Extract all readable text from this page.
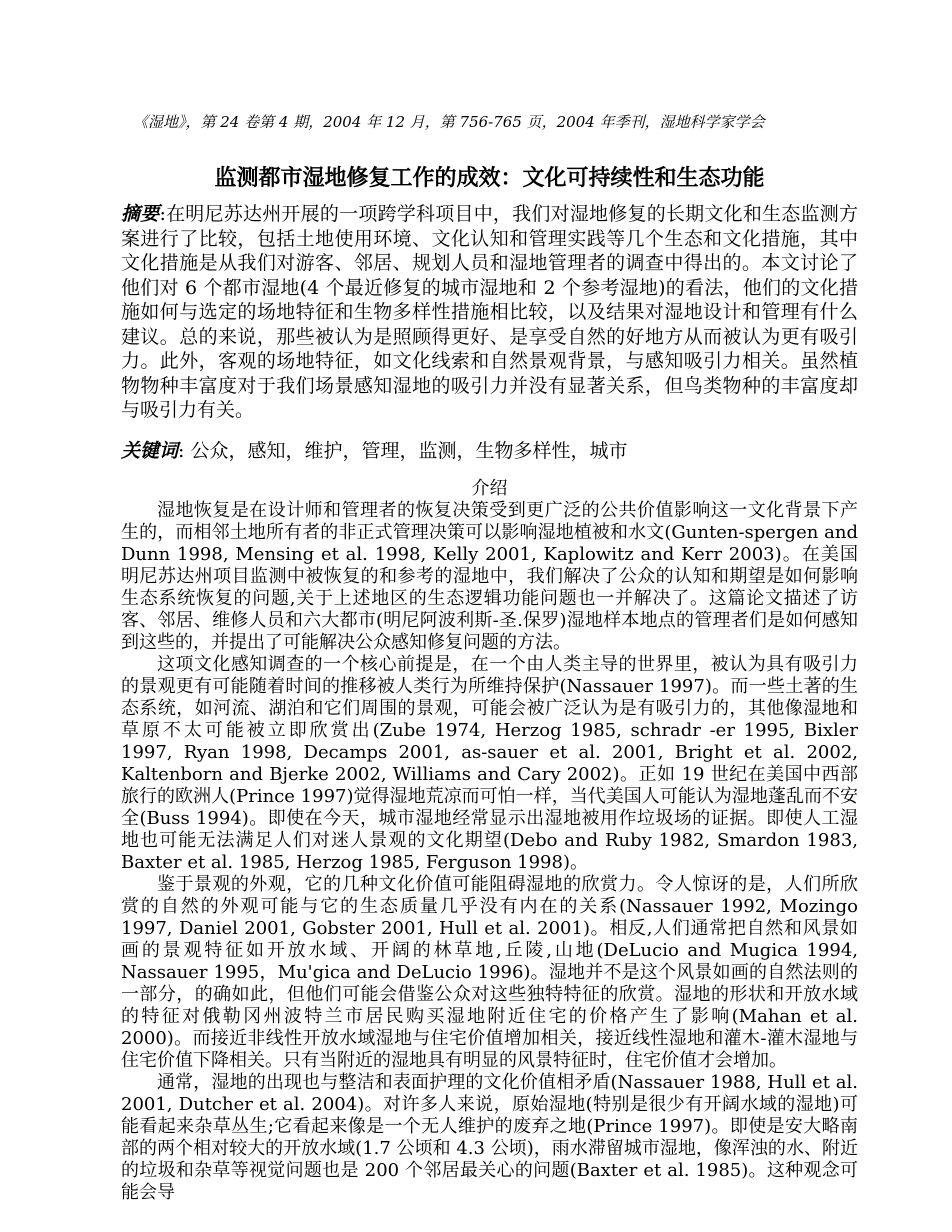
《湿地》，第 24 卷第 4 期，2004 年 12 月，第 756-765 页，2004 年季刊，湿地科学家学会
监测都市湿地修复工作的成效：文化可持续性和生态功能

摘要:在明尼苏达州开展的一项跨学科项目中，我们对湿地修复的长期文化和生态监测方案进行了比较，包括土地使用环境、文化认知和管理实践等几个生态和文化措施，其中文化措施是从我们对游客、邻居、规划人员和湿地管理者的调查中得出的。本文讨论了他们对 6 个都市湿地(4 个最近修复的城市湿地和 2 个参考湿地)的看法，他们的文化措施如何与选定的场地特征和生物多样性措施相比较，以及结果对湿地设计和管理有什么建议。总的来说，那些被认为是照顾得更好、是享受自然的好地方从而被认为更有吸引力。此外，客观的场地特征，如文化线索和自然景观背景，与感知吸引力相关。虽然植物物种丰富度对于我们场景感知湿地的吸引力并没有显著关系，但鸟类物种的丰富度却与吸引力有关。

关键词: 公众，感知，维护，管理，监测，生物多样性，城市

介绍

湿地恢复是在设计师和管理者的恢复决策受到更广泛的公共价值影响这一文化背景下产生的，而相邻土地所有者的非正式管理决策可以影响湿地植被和水文(Gunten-spergen and Dunn 1998, Mensing et al. 1998, Kelly 2001, Kaplowitz and Kerr 2003)。在美国明尼苏达州项目监测中被恢复的和参考的湿地中，我们解决了公众的认知和期望是如何影响生态系统恢复的问题,关于上述地区的生态逻辑功能问题也一并解决了。这篇论文描述了访客、邻居、维修人员和六大都市(明尼阿波利斯-圣.保罗)湿地样本地点的管理者们是如何感知到这些的，并提出了可能解决公众感知修复问题的方法。

这项文化感知调查的一个核心前提是，在一个由人类主导的世界里，被认为具有吸引力的景观更有可能随着时间的推移被人类行为所维持保护(Nassauer 1997)。而一些土著的生态系统，如河流、湖泊和它们周围的景观，可能会被广泛认为是有吸引力的，其他像湿地和草原不太可能被立即欣赏出(Zube 1974, Herzog 1985, schradr -er 1995, Bixler 1997, Ryan 1998, Decamps 2001, as-sauer et al. 2001, Bright et al. 2002, Kaltenborn and Bjerke 2002, Williams and Cary 2002)。正如 19 世纪在美国中西部旅行的欧洲人(Prince 1997)觉得湿地荒凉而可怕一样，当代美国人可能认为湿地蓬乱而不安全(Buss 1994)。即使在今天，城市湿地经常显示出湿地被用作垃圾场的证据。即使人工湿地也可能无法满足人们对迷人景观的文化期望(Debo and Ruby 1982, Smardon 1983, Baxter et al. 1985, Herzog 1985, Ferguson 1998)。

鉴于景观的外观，它的几种文化价值可能阻碍湿地的欣赏力。令人惊讶的是，人们所欣赏的自然的外观可能与它的生态质量几乎没有内在的关系(Nassauer 1992, Mozingo 1997, Daniel 2001, Gobster 2001, Hull et al. 2001)。相反,人们通常把自然和风景如画的景观特征如开放水域、开阔的林草地,丘陵,山地(DeLucio and Mugica 1994, Nassauer 1995，Mu'gica and DeLucio 1996)。湿地并不是这个风景如画的自然法则的一部分，的确如此，但他们可能会借鉴公众对这些独特特征的欣赏。湿地的形状和开放水域的特征对俄勒冈州波特兰市居民购买湿地附近住宅的价格产生了影响(Mahan et al. 2000)。而接近非线性开放水域湿地与住宅价值增加相关，接近线性湿地和灌木-灌木湿地与住宅价值下降相关。只有当附近的湿地具有明显的风景特征时，住宅价值才会增加。

通常，湿地的出现也与整洁和表面护理的文化价值相矛盾(Nassauer 1988, Hull et al. 2001, Dutcher et al. 2004)。对许多人来说，原始湿地(特别是很少有开阔水域的湿地)可能看起来杂草丛生;它看起来像是一个无人维护的废弃之地(Prince 1997)。即使是安大略南部的两个相对较大的开放水域(1.7 公顷和 4.3 公顷)，雨水滞留城市湿地，像浑浊的水、附近的垃圾和杂草等视觉问题也是 200 个邻居最关心的问题(Baxter et al. 1985)。这种观念可能会导
